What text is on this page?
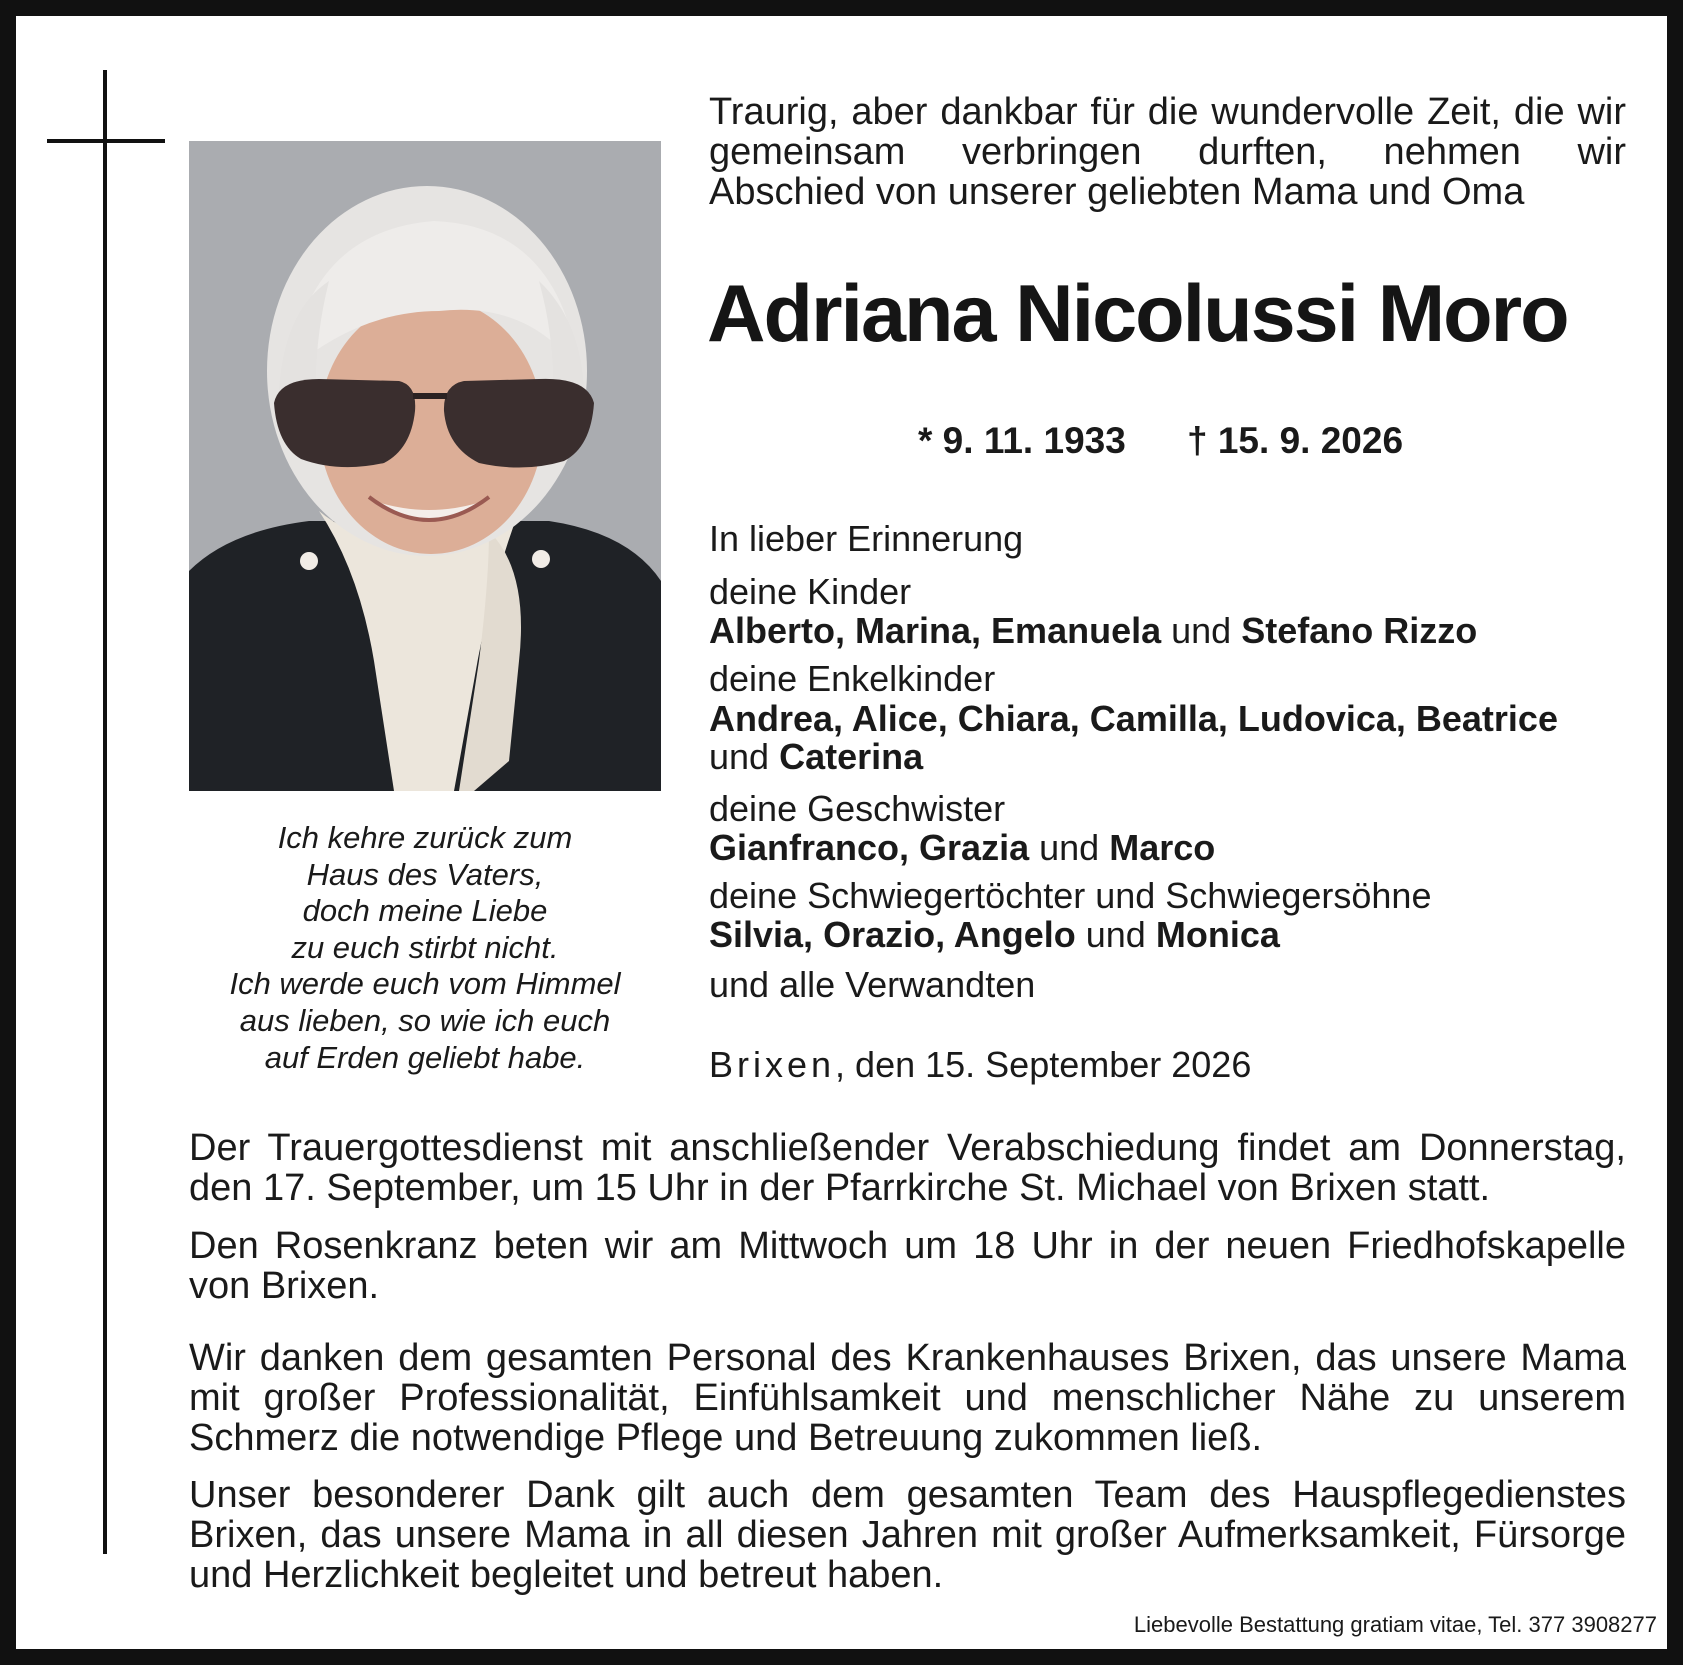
Ich kehre zurück zum
Haus des Vaters,
doch meine Liebe
zu euch stirbt nicht.
Ich werde euch vom Himmel
aus lieben, so wie ich euch
auf Erden geliebt habe.
Traurig, aber dankbar für die wundervolle Zeit, die wir
gemeinsam verbringen durften, nehmen wir
Abschied von unserer geliebten Mama und Oma
Adriana Nicolussi Moro
* 9. 11. 1933 † 15. 9. 2026
In lieber Erinnerung
deine Kinder
Alberto, Marina, Emanuela und Stefano Rizzo
deine Enkelkinder
Andrea, Alice, Chiara, Camilla, Ludovica, Beatrice
und Caterina
deine Geschwister
Gianfranco, Grazia und Marco
deine Schwiegertöchter und Schwiegersöhne
Silvia, Orazio, Angelo und Monica
und alle Verwandten
Brixen, den 15. September 2026
Der Trauergottesdienst mit anschließender Verabschiedung findet am Donnerstag,
den 17. September, um 15 Uhr in der Pfarrkirche St. Michael von Brixen statt.
Den Rosenkranz beten wir am Mittwoch um 18 Uhr in der neuen Friedhofskapelle
von Brixen.
Wir danken dem gesamten Personal des Krankenhauses Brixen, das unsere Mama
mit großer Professionalität, Einfühlsamkeit und menschlicher Nähe zu unserem
Schmerz die notwendige Pflege und Betreuung zukommen ließ.
Unser besonderer Dank gilt auch dem gesamten Team des Hauspflegedienstes
Brixen, das unsere Mama in all diesen Jahren mit großer Aufmerksamkeit, Fürsorge
und Herzlichkeit begleitet und betreut haben.
Liebevolle Bestattung gratiam vitae, Tel. 377 3908277
